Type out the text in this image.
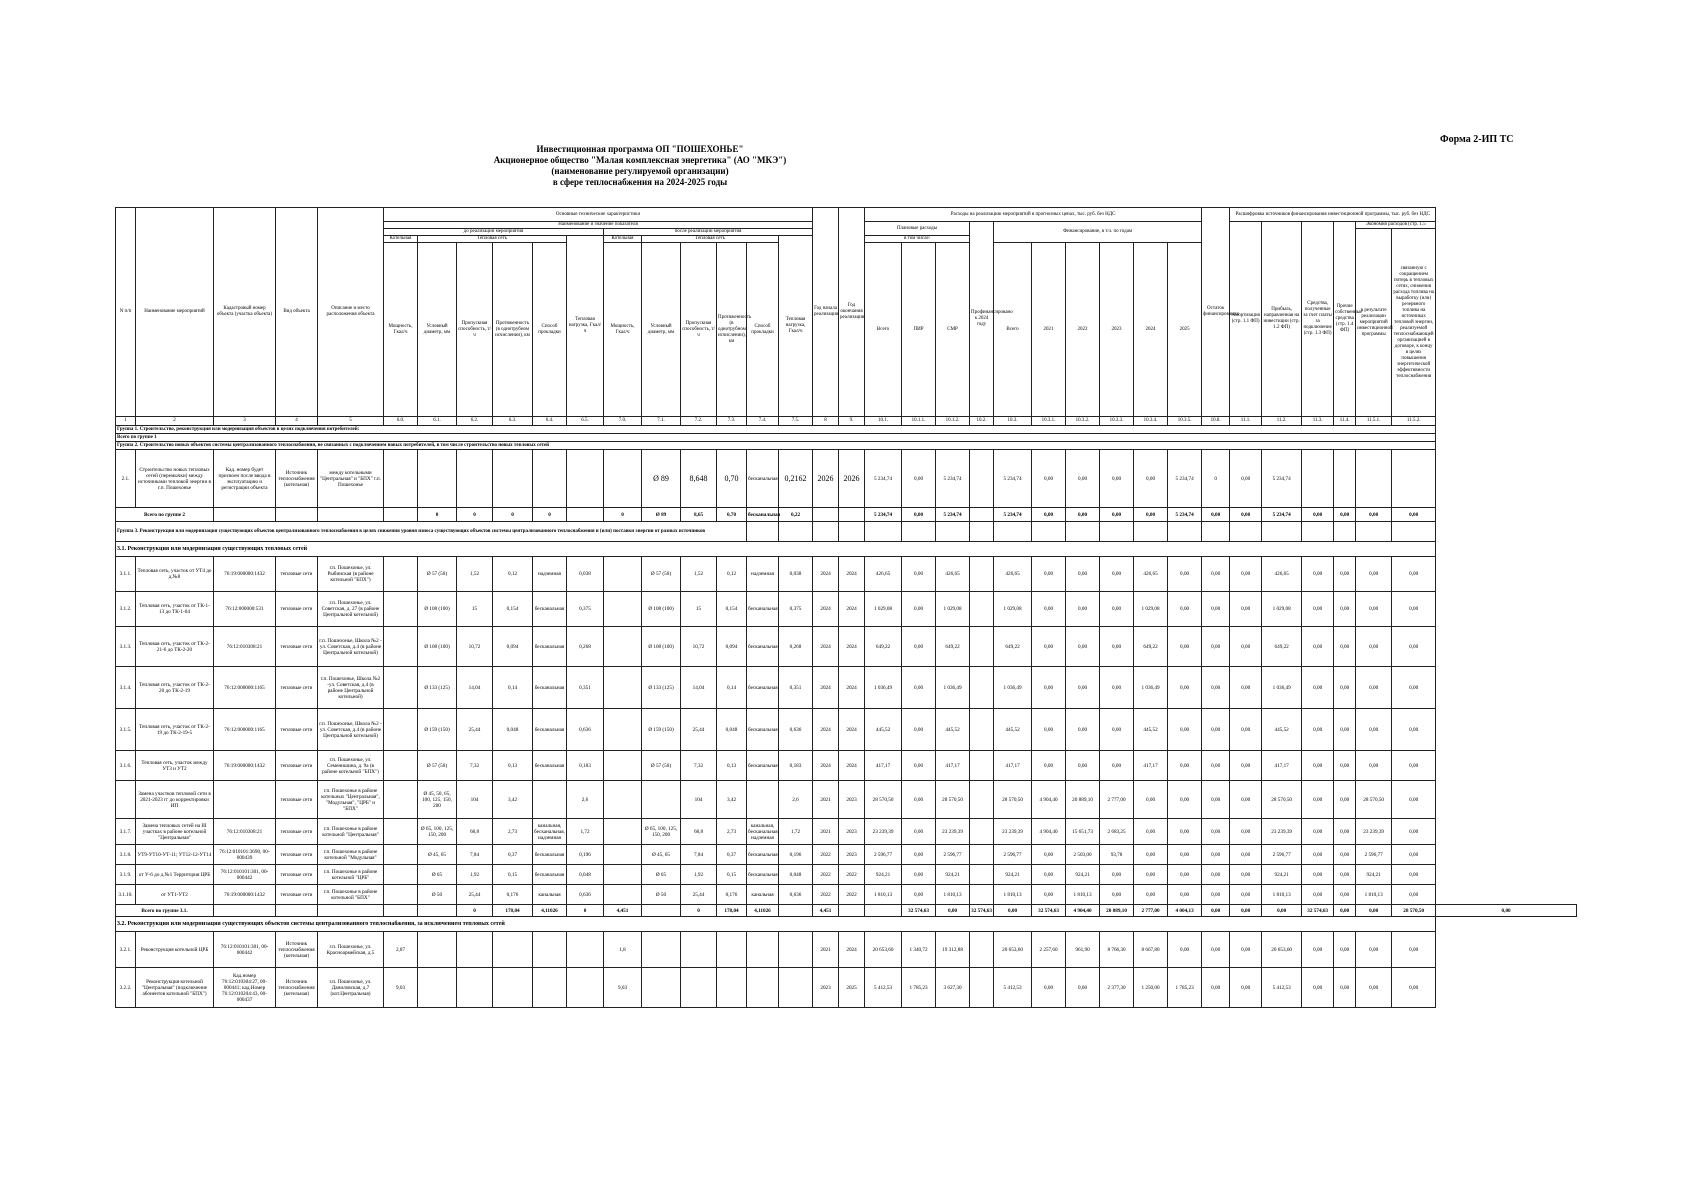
Форма 2-ИП ТС
Инвестиционная программа ОП "ПОШЕХОНЬЕ"
Акционерное общество "Малая комплексная энергетика" (АО "МКЭ")
(наименование регулируемой организации)
в сфере теплоснабжения на 2024-2025 годы
N п/п	Наименование мероприятий	Кадастровый номер объекта (участка объекта)	Вид объекта	Описание и место расположения объекта	Основные технические характеристики												Год начала реализации	Год окончания реализации	Расходы на реализацию мероприятий в прогнозных ценах, тыс. руб. без НДС										Остаток финансирования	Расшифровка источников финансирования инвестиционной программы, тыс. руб. без НДС						
					Наименование и значение показателя														Плановые расходы			Профинансировано к 2024 году	Финансирование, в т.ч. по годам							Амортизация (стр. 1.1 ФП)	Прибыль, направленная на инвестиции (стр. 1.2 ФП)	Средства, полученные за счет платы за подключение (стр. 1.3 ФП)	Прочие собственные средства (стр. 1.4 ФП)	Экономия расходов (стр. 1.5		
					до реализации мероприятия						после реализации мероприятия																							в результате реализации мероприятий инвестиционной программы	связанную с сокращением потерь в тепловых сетях, снижения расхода топлива на выработку (или) резервного топлива на источниках тепловой энергии, реализуемой теплоснабжающей организацией в договоре, к концу в целях повышения энергетической эффективности теплоснабжения	
					Котельная	Тепловая сеть				Тепловая нагрузка, Гкал/ч	Котельная	Тепловая сеть				Тепловая нагрузка, Гкал/ч			в том числе:																	
					Мощность, Гкал/ч	Условный диаметр, мм	Пропускная способность, т/ч	Протяженность (в однотрубном исчислении), км	Способ прокладки		Мощность, Гкал/ч	Условный диаметр, мм	Пропускная способность, т/ч	Протяженность (в однотрубном исчислении), км	Способ прокладки				Всего	ПИР	СМР		Всего	2021	2022	2023	2024	2025								
1	2	3	4	5	6.0.	6.1.	6.2.	6.3.	6.4.	6.5.	7.0.	7.1.	7.2.	7.3.	7.4.	7.5.	8	9.	10.1.	10.1.1.	10.1.2.	10.2.	10.3.	10.3.1.	10.3.2.	10.3.3.	10.3.4.	10.3.5.	10.8.	11.1.	11.2.	11.3.	11.4.	11.5.1.	11.5.2.	
Группа 1. Строительство, реконструкция или модернизация объектов в целях подключения потребителей:																																				
Всего по группе 1																																				
Группа 2. Строительство новых объектов системы централизованного теплоснабжения, не связанных с подключением новых потребителей, в том числе строительство новых тепловых сетей																																				
2.1.	Строительство новых тепловых сетей (перемычки) между источниками тепловой энергии в г.п. Пошехонье	Кад. номер будет присвоен после ввода в эксплуатацию и регистрации объекта	Источник теплоснабжения (котельная)	между котельными "Центральная" и "БПХ" г.п. Пошехонье								Ø 89	8,648	0,70	бесканальная	0,2162	2026	2026	5 234,74	0,00	5 234,74		5 234,74	0,00	0,00	0,00	0,00	5 234,74	0	0,00	5 234,74					
Всего по группе 2						0	0	0	0		0	Ø 89	8,65	0,70	бесканальная	0,22			5 234,74	0,00	5 234,74		5 234,74	0,00	0,00	0,00	0,00	5 234,74	0,00	0,00	5 234,74	0,00	0,00	0,00	0,00	
Группа 3. Реконструкция или модернизация существующих объектов централизованного теплоснабжения в целях снижения уровня износа существующих объектов системы централизованного теплоснабжения и (или) поставки энергии от разных источников																																				
3.1. Реконструкция или модернизация существующих тепловых сетей																																				
3.1.1.	Тепловая сеть, участок от УТ4 до д.№8	76:19:000000:1432	тепловые сети	г.п. Пошехонье, ул. Рыбинская (в районе котельной "БПХ")		Ø 57 (50)	1,52	0,12	надземная	0,038		Ø 57 (50)	1,52	0,12	надземная	0,038	2024	2024	426,65	0,00	426,65		426,65	0,00	0,00	0,00	426,65	0,00	0,00	0,00	426,65	0,00	0,00	0,00	0,00	
3.1.2.	Тепловая сеть, участок от ТК-1-13 до ТК-1-04	76:12:000000:531	тепловые сети	г.п. Пошехонье, ул. Советская, д. 27 (в районе Центральной котельной)		Ø 108 (100)	15	0,154	бесканальная	0,375		Ø 108 (100)	15	0,154	бесканальная	0,375	2024	2024	1 029,08	0,00	1 029,08		1 029,08	0,00	0,00	0,00	1 029,08	0,00	0,00	0,00	1 029,08	0,00	0,00	0,00	0,00	
3.1.3.	Тепловая сеть, участок от ТК-2-21-6 до ТК-2-20	76:12:010308:21	тепловые сети	г.п. Пошехонье, Школа №2 - ул. Советская, д.4 (в районе Центральной котельной)		Ø 108 (100)	10,72	0,094	бесканальная	0,268		Ø 108 (100)	10,72	0,094	бесканальная	0,268	2024	2024	649,22	0,00	649,22		649,22	0,00	0,00	0,00	649,22	0,00	0,00	0,00	649,22	0,00	0,00	0,00	0,00	
3.1.4.	Тепловая сеть, участок от ТК-2-20 до ТК-2-19	76:12:000000:1165	тепловые сети	г.п. Пошехонье, Школа №2 -ул. Советская, д.4 (в районе Центральной котельной)		Ø 133 (125)	14,04	0,14	бесканальная	0,351		Ø 133 (125)	14,04	0,14	бесканальная	0,351	2024	2024	1 036,49	0,00	1 036,49		1 036,49	0,00	0,00	0,00	1 036,49	0,00	0,00	0,00	1 036,49	0,00	0,00	0,00	0,00	
3.1.5.	Тепловая сеть, участок от ТК-2-19 до ТК-2-19-5	76:12:000000:1165	тепловые сети	г.п. Пошехонье, Школа №2 - ул. Советская, д.4 (в районе Центральной котельной)		Ø 159 (150)	25,44	0,048	бесканальная	0,636		Ø 159 (150)	25,44	0,048	бесканальная	0,636	2024	2024	445,52	0,00	445,52		445,52	0,00	0,00	0,00	445,52	0,00	0,00	0,00	445,52	0,00	0,00	0,00	0,00	
3.1.6.	Тепловая сеть, участок между УТ3 и УТ2	76:19:000000:1432	тепловые сети	г.п. Пошехонье, ул. Семенишина, д. 9а (в районе котельной "БПХ")		Ø 57 (50)	7,32	0,13	бесканальная	0,183		Ø 57 (50)	7,32	0,13	бесканальная	0,183	2024	2024	417,17	0,00	417,17		417,17	0,00	0,00	0,00	417,17	0,00	0,00	0,00	417,17	0,00	0,00	0,00	0,00	
	Замена участков тепловой сети в 2021-2023 гг до корректировки ИП		тепловые сети	г.п. Пошехонье в районе котельных "Центральная", "Модульная", "ЦРБ" и "БПХ"		Ø 45, 50, 65, 100, 125, 150, 200	104	3,42		2,6			104	3,42		2,6	2021	2023	28 570,50	0,00	28 570,50		28 570,50	4 904,40	20 889,10	2 777,00	0,00	0,00	0,00	0,00	28 570,50	0,00	0,00	28 570,50	0,00	
3.1.7.	Замена тепловых сетей на III участках в районе котельной "Центральная"	76:12:010308:21	тепловые сети	г.п. Пошехонье в районе котельной "Центральная"		Ø 65, 100, 125, 150, 200	68,8	2,73	канальная, бесканальная, надземная	1,72		Ø 65, 100, 125, 150, 200	68,8	2,73	канальная, бесканальная, надземная	1,72	2021	2023	23 239,39	0,00	23 239,39		23 239,39	4 904,40	15 651,73	2 683,25	0,00	0,00	0,00	0,00	23 239,39	0,00	0,00	23 239,39	0,00	
3.1.8.	УТ9-УТ10-УТ-11; УТ12-12-УТ14	76:12:010101:3690, 00-000439	тепловые сети	г.п. Пошехонье в районе котельной "Модульная"		Ø 45, 65	7,84	0,37	бесканальная	0,196		Ø 45, 65	7,84	0,37	бесканальная	0,196	2022	2023	2 596,77	0,00	2 596,77		2 596,77	0,00	2 503,00	93,78	0,00	0,00	0,00	0,00	2 596,77	0,00	0,00	2 596,77	0,00	
3.1.9.	от У-6 до д.№1 Территория ЦРБ	76:12:010101:301, 00-000442	тепловые сети	г.п. Пошехонье в районе котельной "ЦРБ"		Ø 65	1,92	0,15	бесканальная	0,048		Ø 65	1,92	0,15	бесканальная	0,048	2022	2022	924,21	0,00	924,21		924,21	0,00	924,21	0,00	0,00	0,00	0,00	0,00	924,21	0,00	0,00	924,21	0,00	
3.1.10.	от УТ1-УТ2	76:19:000000:1432	тепловые сети	г.п. Пошехонье в районе котельной "БПХ"		Ø 50	25,44	0,176	канальная	0,636		Ø 50	25,44	0,176	канальная	0,636	2022	2022	1 810,13	0,00	1 810,13		1 810,13	0,00	1 810,13	0,00	0,00	0,00	0,00	0,00	1 810,13	0,00	0,00	1 810,13	0,00	
Всего по группе 3.1.							0	178,04	4,11026	0	4,451		0	178,04	4,11026		4,451			32 574,63	0,00	32 574,63	0,00	32 574,63	4 904,40	20 889,10	2 777,00	4 004,13	0,00	0,00	0,00	32 574,63	0,00	0,00	28 570,50	0,00
3.2. Реконструкция или модернизация существующих объектов системы централизованного теплоснабжения, за исключением тепловых сетей																																				
3.2.1.	Реконструкция котельной ЦРБ	76:12:010101:301, 00-000442	Источник теплоснабжения (котельная)	г.п. Пошехонье, ул. Красноармейская, д.5	2,87						1,8						2021	2024	20 653,60	1 340,72	19 312,88		20 653,60	2 257,60	961,90	8 766,30	8 667,80	0,00	0,00	0,00	20 653,60	0,00	0,00	0,00	0,00	
3.2.2.	Реконструкция котельной "Центральная" (подключение абонентов котельной "БПХ")	Кад.номер 76:12:010304:27, 00-000441; кад.Номер 76:12:010204:43, 00-000437	Источник теплоснабжения (котельная)	г.п. Пошехонье, ул. Даниловская, д.7 (кот.Центральная)	9,03						9,03						2023	2025	5 412,53	1 785,23	3 627,30		5 412,53	0,00	0,00	2 377,30	1 250,00	1 785,23	0,00	0,00	5 412,53	0,00	0,00	0,00	0,00	
